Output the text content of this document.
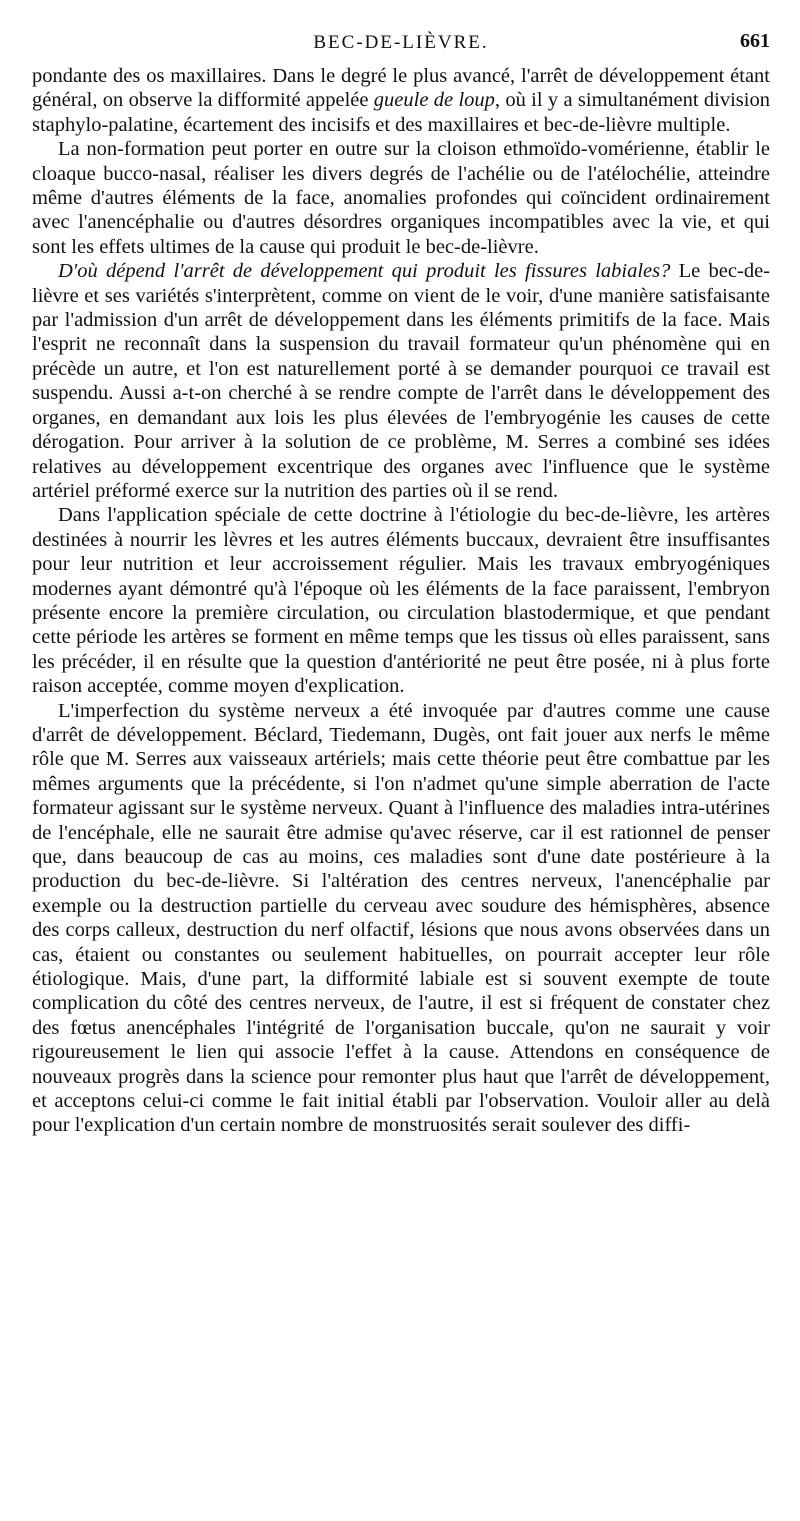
BEC-DE-LIÈVRE.	661

pondante des os maxillaires. Dans le degré le plus avancé, l'arrêt de développement étant général, on observe la difformité appelée gueule de loup, où il y a simultanément division staphylo-palatine, écartement des incisifs et des maxillaires et bec-de-lièvre multiple.

La non-formation peut porter en outre sur la cloison ethmoïdo-vomérienne, établir le cloaque bucco-nasal, réaliser les divers degrés de l'achélie ou de l'atélochélie, atteindre même d'autres éléments de la face, anomalies profondes qui coïncident ordinairement avec l'anencéphalie ou d'autres désordres organiques incompatibles avec la vie, et qui sont les effets ultimes de la cause qui produit le bec-de-lièvre.

D'où dépend l'arrêt de développement qui produit les fissures labiales? Le bec-de-lièvre et ses variétés s'interprètent, comme on vient de le voir, d'une manière satisfaisante par l'admission d'un arrêt de développement dans les éléments primitifs de la face. Mais l'esprit ne reconnaît dans la suspension du travail formateur qu'un phénomène qui en précède un autre, et l'on est naturellement porté à se demander pourquoi ce travail est suspendu. Aussi a-t-on cherché à se rendre compte de l'arrêt dans le développement des organes, en demandant aux lois les plus élevées de l'embryogénie les causes de cette dérogation. Pour arriver à la solution de ce problème, M. Serres a combiné ses idées relatives au développement excentrique des organes avec l'influence que le système artériel préformé exerce sur la nutrition des parties où il se rend.

Dans l'application spéciale de cette doctrine à l'étiologie du bec-de-lièvre, les artères destinées à nourrir les lèvres et les autres éléments buccaux, devraient être insuffisantes pour leur nutrition et leur accroissement régulier. Mais les travaux embryogéniques modernes ayant démontré qu'à l'époque où les éléments de la face paraissent, l'embryon présente encore la première circulation, ou circulation blastodermique, et que pendant cette période les artères se forment en même temps que les tissus où elles paraissent, sans les précéder, il en résulte que la question d'antériorité ne peut être posée, ni à plus forte raison acceptée, comme moyen d'explication.

L'imperfection du système nerveux a été invoquée par d'autres comme une cause d'arrêt de développement. Béclard, Tiedemann, Dugès, ont fait jouer aux nerfs le même rôle que M. Serres aux vaisseaux artériels; mais cette théorie peut être combattue par les mêmes arguments que la précédente, si l'on n'admet qu'une simple aberration de l'acte formateur agissant sur le système nerveux. Quant à l'influence des maladies intra-utérines de l'encéphale, elle ne saurait être admise qu'avec réserve, car il est rationnel de penser que, dans beaucoup de cas au moins, ces maladies sont d'une date postérieure à la production du bec-de-lièvre. Si l'altération des centres nerveux, l'anencéphalie par exemple ou la destruction partielle du cerveau avec soudure des hémisphères, absence des corps calleux, destruction du nerf olfactif, lésions que nous avons observées dans un cas, étaient ou constantes ou seulement habituelles, on pourrait accepter leur rôle étiologique. Mais, d'une part, la difformité labiale est si souvent exempte de toute complication du côté des centres nerveux, de l'autre, il est si fréquent de constater chez des fœtus anencéphales l'intégrité de l'organisation buccale, qu'on ne saurait y voir rigoureusement le lien qui associe l'effet à la cause. Attendons en conséquence de nouveaux progrès dans la science pour remonter plus haut que l'arrêt de développement, et acceptons celui-ci comme le fait initial établi par l'observation. Vouloir aller au delà pour l'explication d'un certain nombre de monstruosités serait soulever des diffi-
